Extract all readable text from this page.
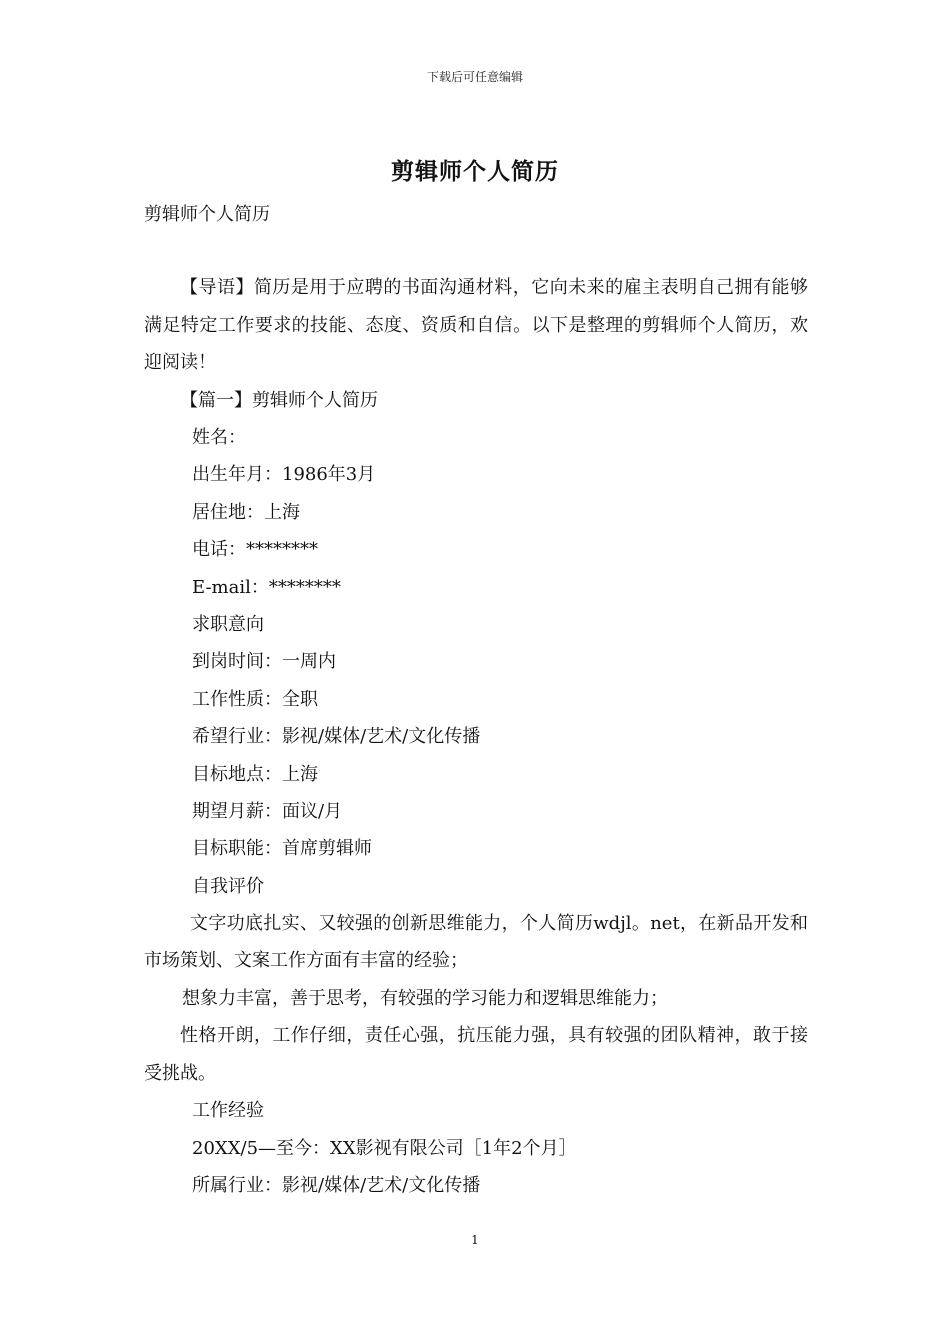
下载后可任意编辑
剪辑师个人简历
剪辑师个人简历
【导语】简历是用于应聘的书面沟通材料，它向未来的雇主表明自己拥有能够满足特定工作要求的技能、态度、资质和自信。以下是整理的剪辑师个人简历，欢迎阅读！
【篇一】剪辑师个人简历
姓名：
出生年月：1986年3月
居住地：上海
电话：********
E-mail：********
求职意向
到岗时间：一周内
工作性质：全职
希望行业：影视/媒体/艺术/文化传播
目标地点：上海
期望月薪：面议/月
目标职能：首席剪辑师
自我评价
文字功底扎实、又较强的创新思维能力，个人简历wdjl。net，在新品开发和市场策划、文案工作方面有丰富的经验；
想象力丰富，善于思考，有较强的学习能力和逻辑思维能力；
性格开朗，工作仔细，责任心强，抗压能力强，具有较强的团队精神，敢于接受挑战。
工作经验
20XX/5—至今：XX影视有限公司［1年2个月］
所属行业：影视/媒体/艺术/文化传播
1
